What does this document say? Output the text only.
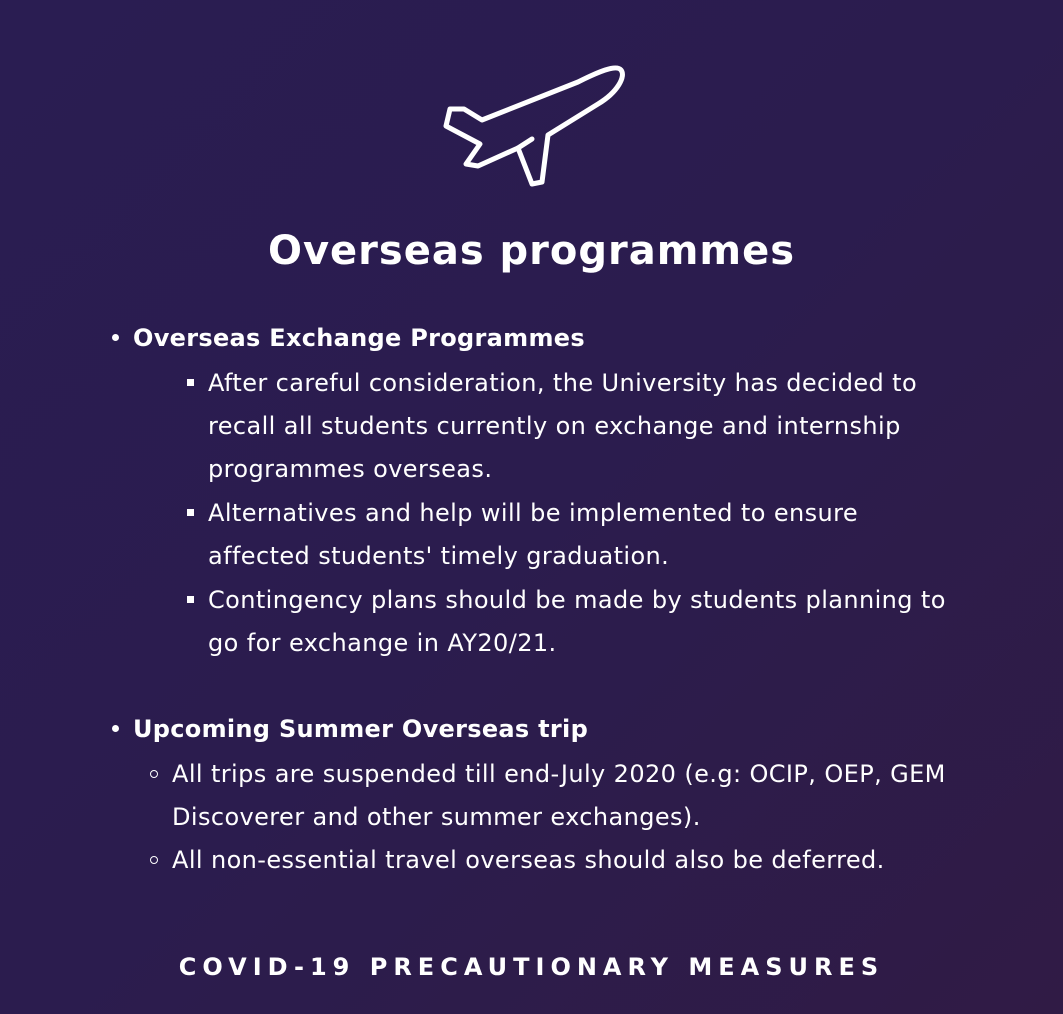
Overseas programmes
Overseas Exchange Programmes
After careful consideration, the University has decided to recall all students currently on exchange and internship programmes overseas.
Alternatives and help will be implemented to ensure affected students' timely graduation.
Contingency plans should be made by students planning to go for exchange in AY20/21.
Upcoming Summer Overseas trip
All trips are suspended till end-July 2020 (e.g: OCIP, OEP, GEM Discoverer and other summer exchanges).
All non-essential travel overseas should also be deferred.
COVID-19 PRECAUTIONARY MEASURES
